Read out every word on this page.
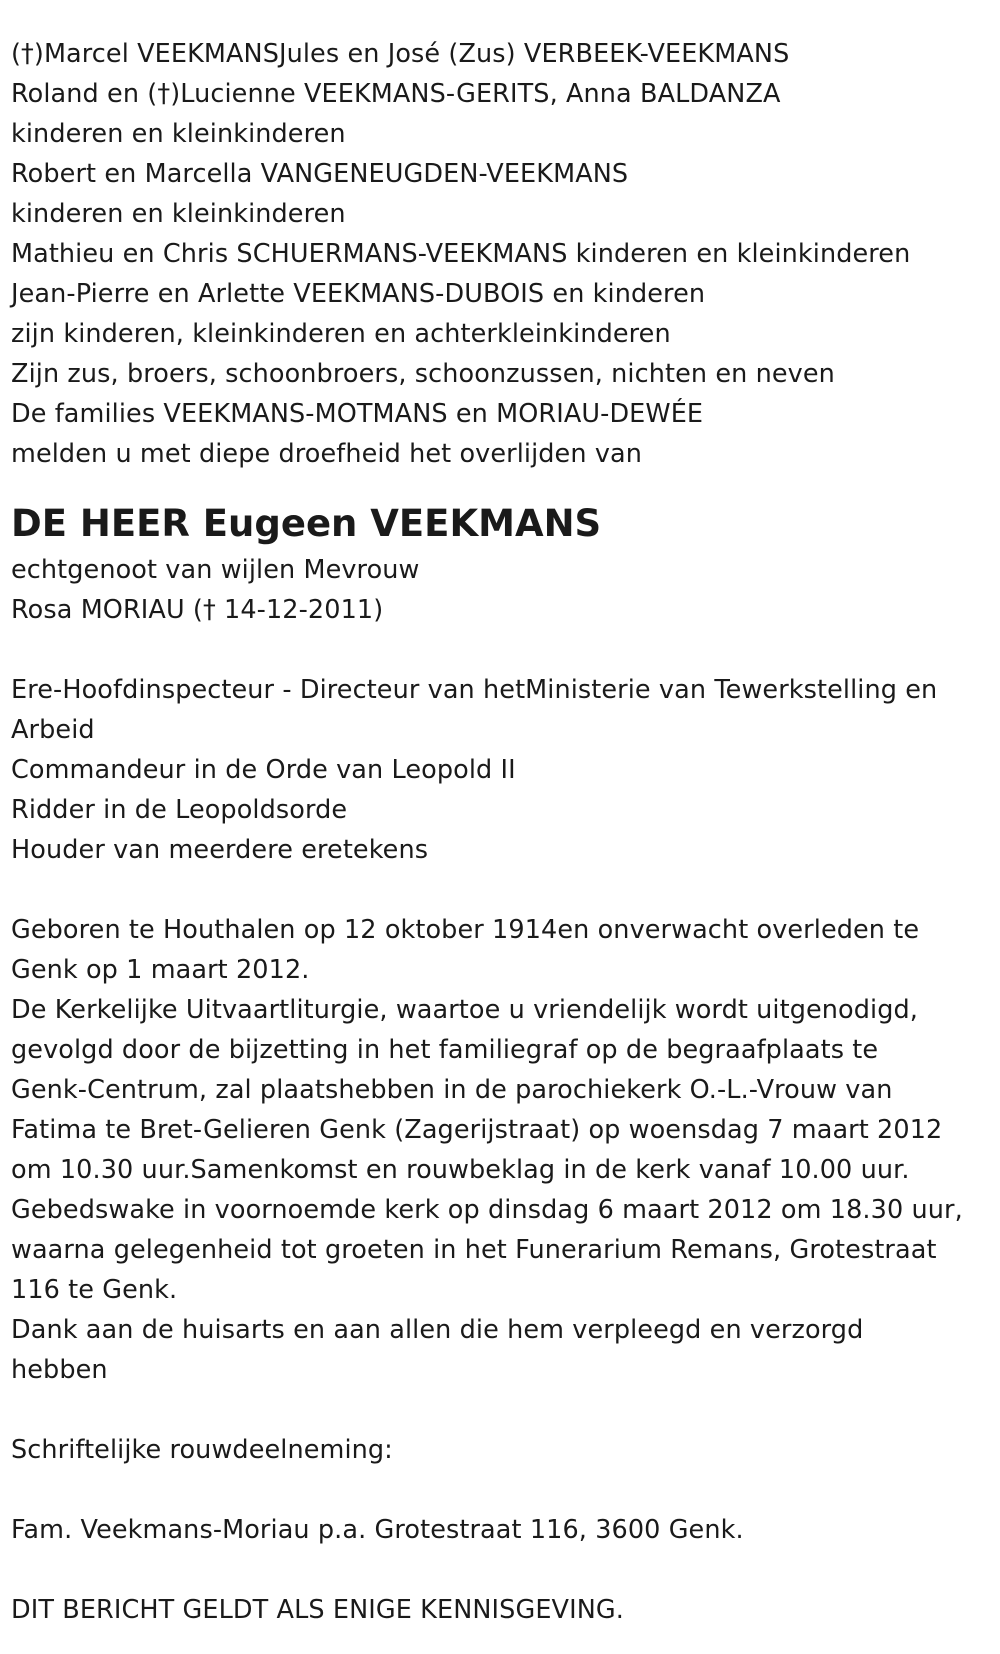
(†)Marcel VEEKMANSJules en José (Zus) VERBEEK-VEEKMANS
Roland en (†)Lucienne VEEKMANS-GERITS, Anna BALDANZA
kinderen en kleinkinderen
Robert en Marcella VANGENEUGDEN-VEEKMANS
kinderen en kleinkinderen
Mathieu en Chris SCHUERMANS-VEEKMANS kinderen en kleinkinderen
Jean-Pierre en Arlette VEEKMANS-DUBOIS en kinderen
zijn kinderen, kleinkinderen en achterkleinkinderen
Zijn zus, broers, schoonbroers, schoonzussen, nichten en neven
De families VEEKMANS-MOTMANS en MORIAU-DEWÉE
melden u met diepe droefheid het overlijden van
DE HEER Eugeen VEEKMANS
echtgenoot van wijlen Mevrouw
Rosa MORIAU († 14-12-2011)
Ere-Hoofdinspecteur - Directeur van hetMinisterie van Tewerkstelling en
Arbeid
Commandeur in de Orde van Leopold II
Ridder in de Leopoldsorde
Houder van meerdere eretekens
Geboren te Houthalen op 12 oktober 1914en onverwacht overleden te
Genk op 1 maart 2012.
De Kerkelijke Uitvaartliturgie, waartoe u vriendelijk wordt uitgenodigd,
gevolgd door de bijzetting in het familiegraf op de begraafplaats te
Genk-Centrum, zal plaatshebben in de parochiekerk O.-L.-Vrouw van
Fatima te Bret-Gelieren Genk (Zagerijstraat) op woensdag 7 maart 2012
om 10.30 uur.Samenkomst en rouwbeklag in de kerk vanaf 10.00 uur.
Gebedswake in voornoemde kerk op dinsdag 6 maart 2012 om 18.30 uur,
waarna gelegenheid tot groeten in het Funerarium Remans, Grotestraat
116 te Genk.
Dank aan de huisarts en aan allen die hem verpleegd en verzorgd
hebben
Schriftelijke rouwdeelneming:
Fam. Veekmans-Moriau p.a. Grotestraat 116, 3600 Genk.
DIT BERICHT GELDT ALS ENIGE KENNISGEVING.
